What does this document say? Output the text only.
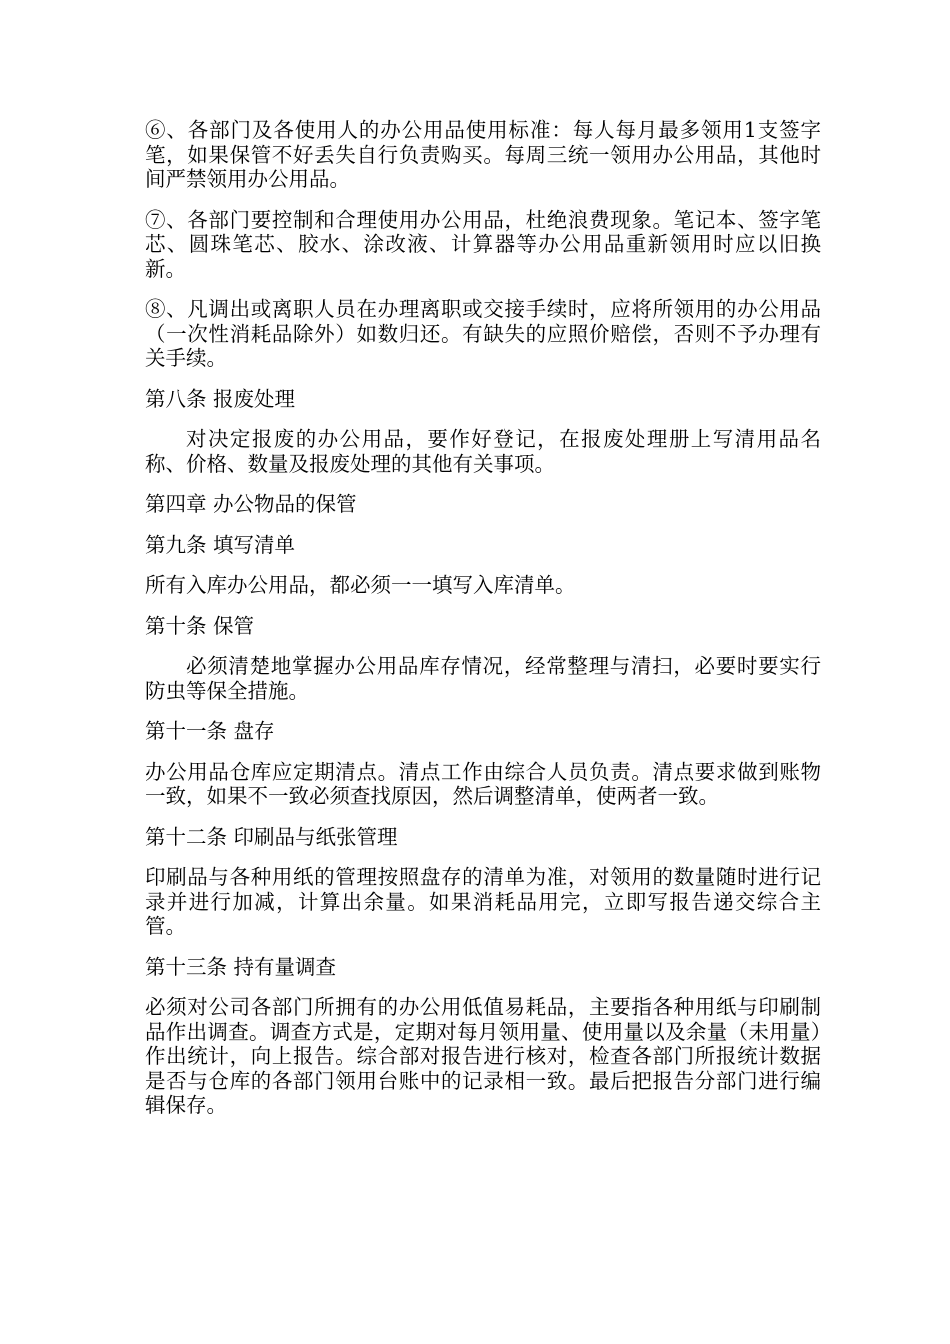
⑥、各部门及各使用人的办公用品使用标准：每人每月最多领用1支签字笔，如果保管不好丢失自行负责购买。每周三统一领用办公用品，其他时间严禁领用办公用品。

⑦、各部门要控制和合理使用办公用品，杜绝浪费现象。笔记本、签字笔芯、圆珠笔芯、胶水、涂改液、计算器等办公用品重新领用时应以旧换新。

⑧、凡调出或离职人员在办理离职或交接手续时，应将所领用的办公用品（一次性消耗品除外）如数归还。有缺失的应照价赔偿，否则不予办理有关手续。

第八条 报废处理

对决定报废的办公用品，要作好登记，在报废处理册上写清用品名称、价格、数量及报废处理的其他有关事项。

第四章 办公物品的保管

第九条 填写清单

所有入库办公用品，都必须一一填写入库清单。

第十条 保管

必须清楚地掌握办公用品库存情况，经常整理与清扫，必要时要实行防虫等保全措施。

第十一条 盘存

办公用品仓库应定期清点。清点工作由综合人员负责。清点要求做到账物一致，如果不一致必须查找原因，然后调整清单，使两者一致。

第十二条 印刷品与纸张管理

印刷品与各种用纸的管理按照盘存的清单为准，对领用的数量随时进行记录并进行加减，计算出余量。如果消耗品用完，立即写报告递交综合主管。

第十三条 持有量调查

必须对公司各部门所拥有的办公用低值易耗品，主要指各种用纸与印刷制品作出调查。调查方式是，定期对每月领用量、使用量以及余量（未用量）作出统计，向上报告。综合部对报告进行核对，检查各部门所报统计数据是否与仓库的各部门领用台账中的记录相一致。最后把报告分部门进行编辑保存。
